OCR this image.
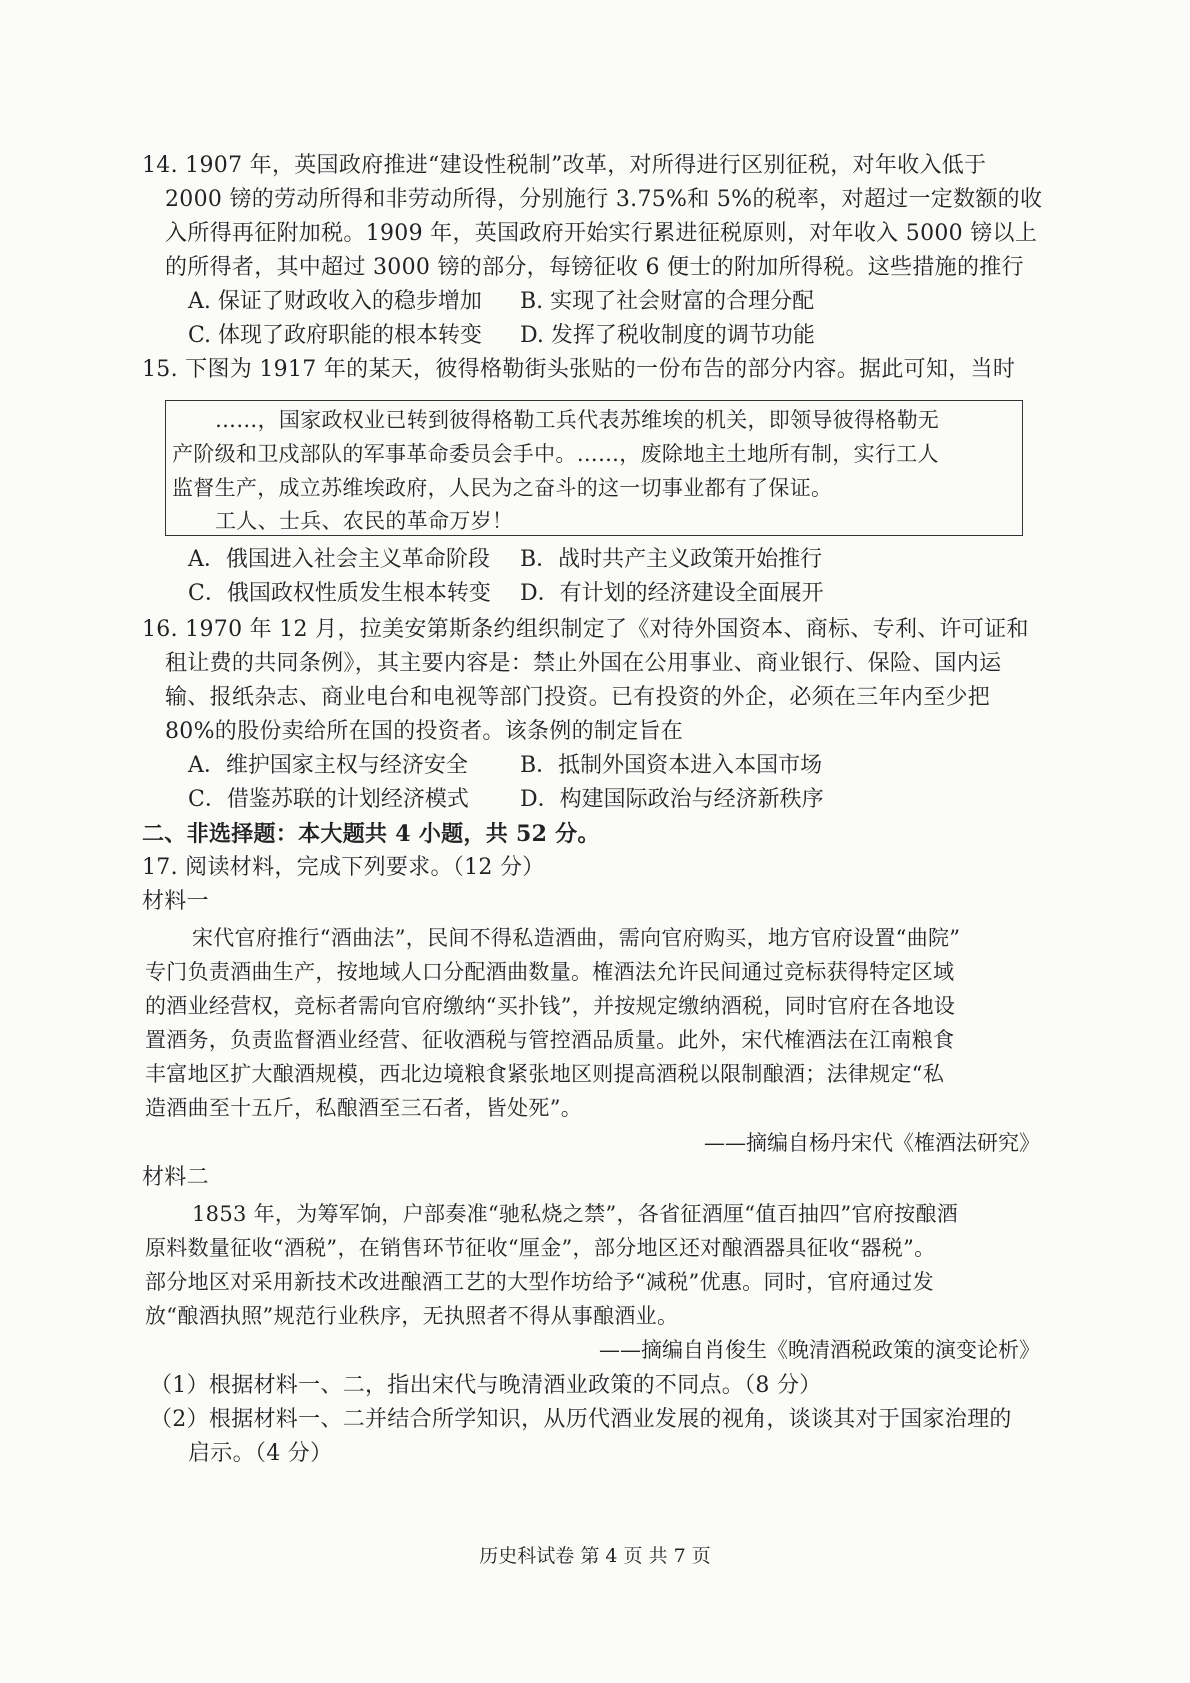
14. 1907 年，英国政府推进“建设性税制”改革，对所得进行区别征税，对年收入低于
2000 镑的劳动所得和非劳动所得，分别施行 3.75%和 5%的税率，对超过一定数额的收
入所得再征附加税。1909 年，英国政府开始实行累进征税原则，对年收入 5000 镑以上
的所得者，其中超过 3000 镑的部分，每镑征收 6 便士的附加所得税。这些措施的推行
A. 保证了财政收入的稳步增加 B. 实现了社会财富的合理分配
C. 体现了政府职能的根本转变 D. 发挥了税收制度的调节功能
15. 下图为 1917 年的某天，彼得格勒街头张贴的一份布告的部分内容。据此可知，当时
……，国家政权业已转到彼得格勒工兵代表苏维埃的机关，即领导彼得格勒无
产阶级和卫戍部队的军事革命委员会手中。……，废除地主土地所有制，实行工人
监督生产，成立苏维埃政府，人民为之奋斗的这一切事业都有了保证。
工人、士兵、农民的革命万岁！
A．俄国进入社会主义革命阶段 B．战时共产主义政策开始推行
C．俄国政权性质发生根本转变 D．有计划的经济建设全面展开
16. 1970 年 12 月，拉美安第斯条约组织制定了《对待外国资本、商标、专利、许可证和
租让费的共同条例》，其主要内容是：禁止外国在公用事业、商业银行、保险、国内运
输、报纸杂志、商业电台和电视等部门投资。已有投资的外企，必须在三年内至少把
80%的股份卖给所在国的投资者。该条例的制定旨在
A．维护国家主权与经济安全 B．抵制外国资本进入本国市场
C．借鉴苏联的计划经济模式 D．构建国际政治与经济新秩序
二、非选择题：本大题共 4 小题，共 52 分。
17. 阅读材料，完成下列要求。（12 分）
材料一
宋代官府推行“酒曲法”，民间不得私造酒曲，需向官府购买，地方官府设置“曲院”
专门负责酒曲生产，按地域人口分配酒曲数量。榷酒法允许民间通过竞标获得特定区域
的酒业经营权，竞标者需向官府缴纳“买扑钱”，并按规定缴纳酒税，同时官府在各地设
置酒务，负责监督酒业经营、征收酒税与管控酒品质量。此外，宋代榷酒法在江南粮食
丰富地区扩大酿酒规模，西北边境粮食紧张地区则提高酒税以限制酿酒；法律规定“私
造酒曲至十五斤，私酿酒至三石者，皆处死”。
——摘编自杨丹宋代《榷酒法研究》
材料二
1853 年，为筹军饷，户部奏准“驰私烧之禁”，各省征酒厘“值百抽四”官府按酿酒
原料数量征收“酒税”，在销售环节征收“厘金”，部分地区还对酿酒器具征收“器税”。
部分地区对采用新技术改进酿酒工艺的大型作坊给予“减税”优惠。同时，官府通过发
放“酿酒执照”规范行业秩序，无执照者不得从事酿酒业。
——摘编自肖俊生《晚清酒税政策的演变论析》
（1）根据材料一、二，指出宋代与晚清酒业政策的不同点。（8 分）
（2）根据材料一、二并结合所学知识，从历代酒业发展的视角，谈谈其对于国家治理的
启示。（4 分）
历史科试卷 第 4 页 共 7 页
